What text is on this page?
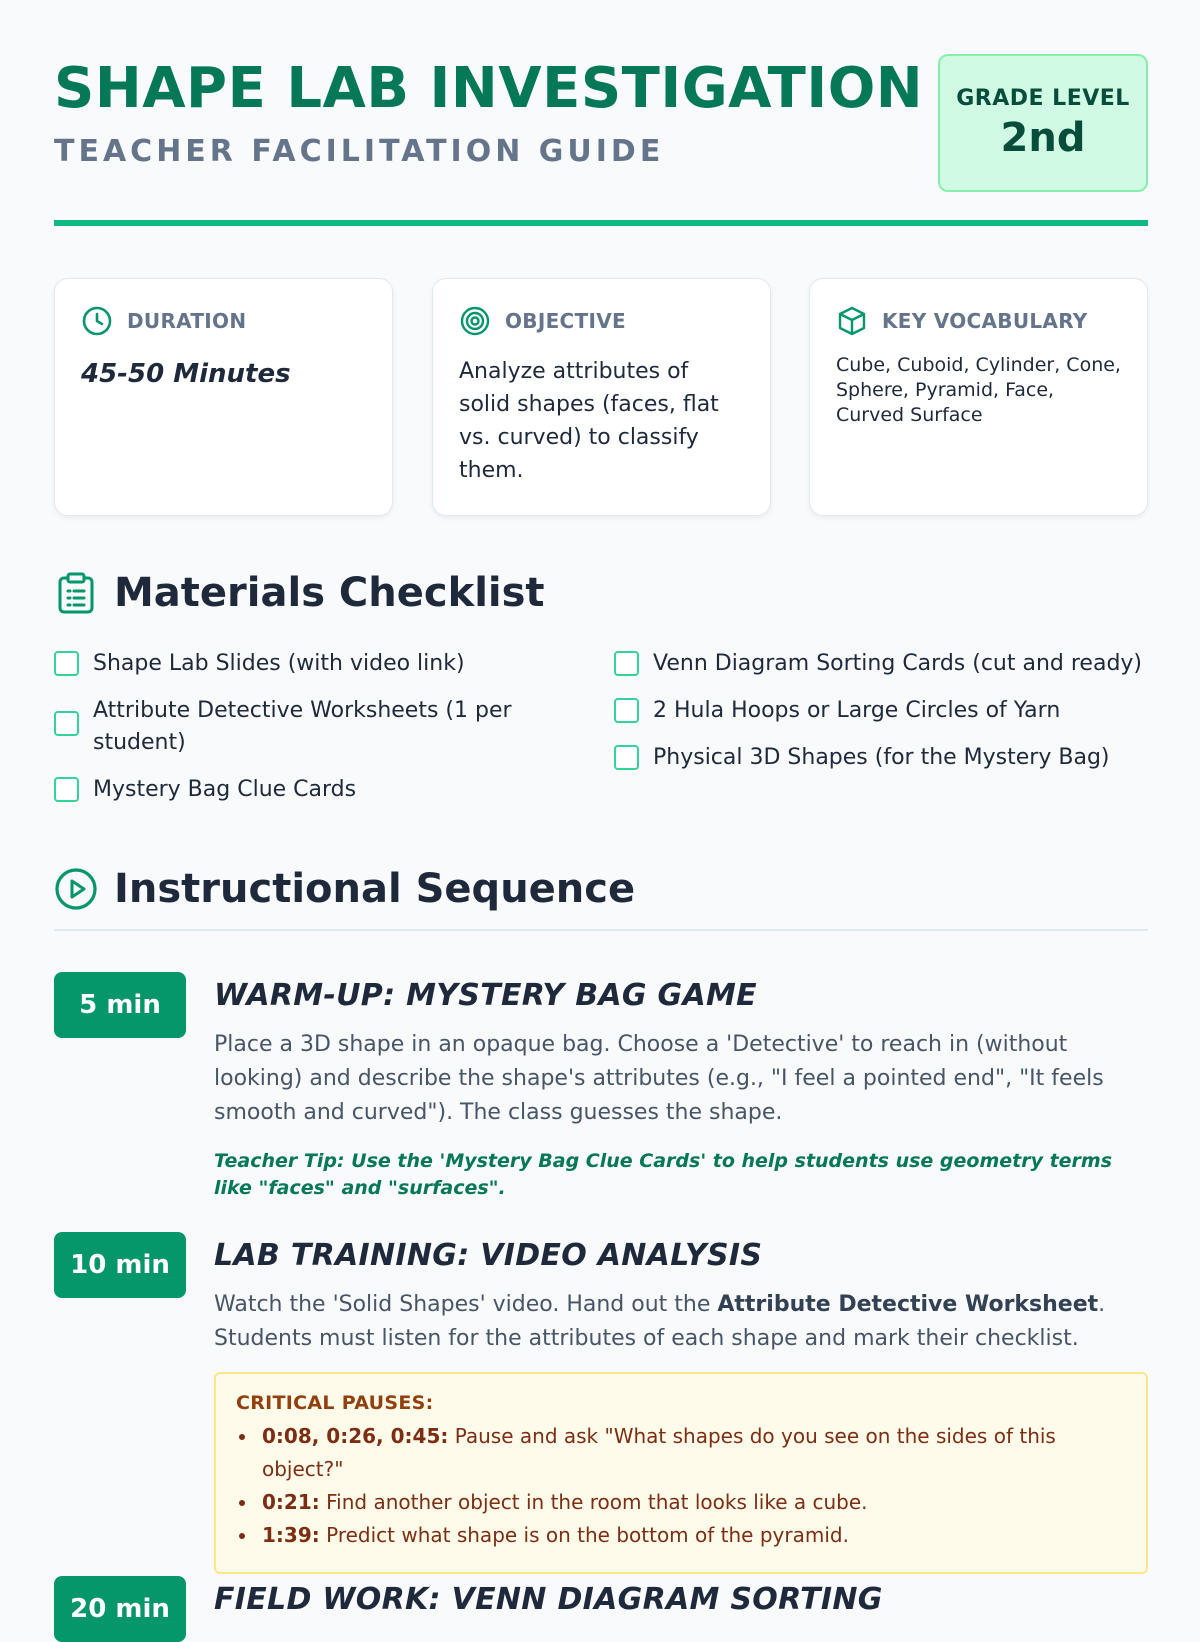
SHAPE LAB INVESTIGATION
TEACHER FACILITATION GUIDE
GRADE LEVEL
2nd
DURATION
45-50 Minutes
OBJECTIVE
Analyze attributes of solid shapes (faces, flat vs. curved) to classify them.
KEY VOCABULARY
Cube, Cuboid, Cylinder, Cone, Sphere, Pyramid, Face, Curved Surface
Materials Checklist
Shape Lab Slides (with video link)
Attribute Detective Worksheets (1 per student)
Mystery Bag Clue Cards
Venn Diagram Sorting Cards (cut and ready)
2 Hula Hoops or Large Circles of Yarn
Physical 3D Shapes (for the Mystery Bag)
Instructional Sequence
5 min	WARM-UP: MYSTERY BAG GAME
Place a 3D shape in an opaque bag. Choose a 'Detective' to reach in (without looking) and describe the shape's attributes (e.g., "I feel a pointed end", "It feels smooth and curved"). The class guesses the shape.
Teacher Tip: Use the 'Mystery Bag Clue Cards' to help students use geometry terms like "faces" and "surfaces".
10 min	LAB TRAINING: VIDEO ANALYSIS
Watch the 'Solid Shapes' video. Hand out the Attribute Detective Worksheet. Students must listen for the attributes of each shape and mark their checklist.
CRITICAL PAUSES:
0:08, 0:26, 0:45: Pause and ask "What shapes do you see on the sides of this object?"
0:21: Find another object in the room that looks like a cube.
1:39: Predict what shape is on the bottom of the pyramid.
20 min	FIELD WORK: VENN DIAGRAM SORTING
